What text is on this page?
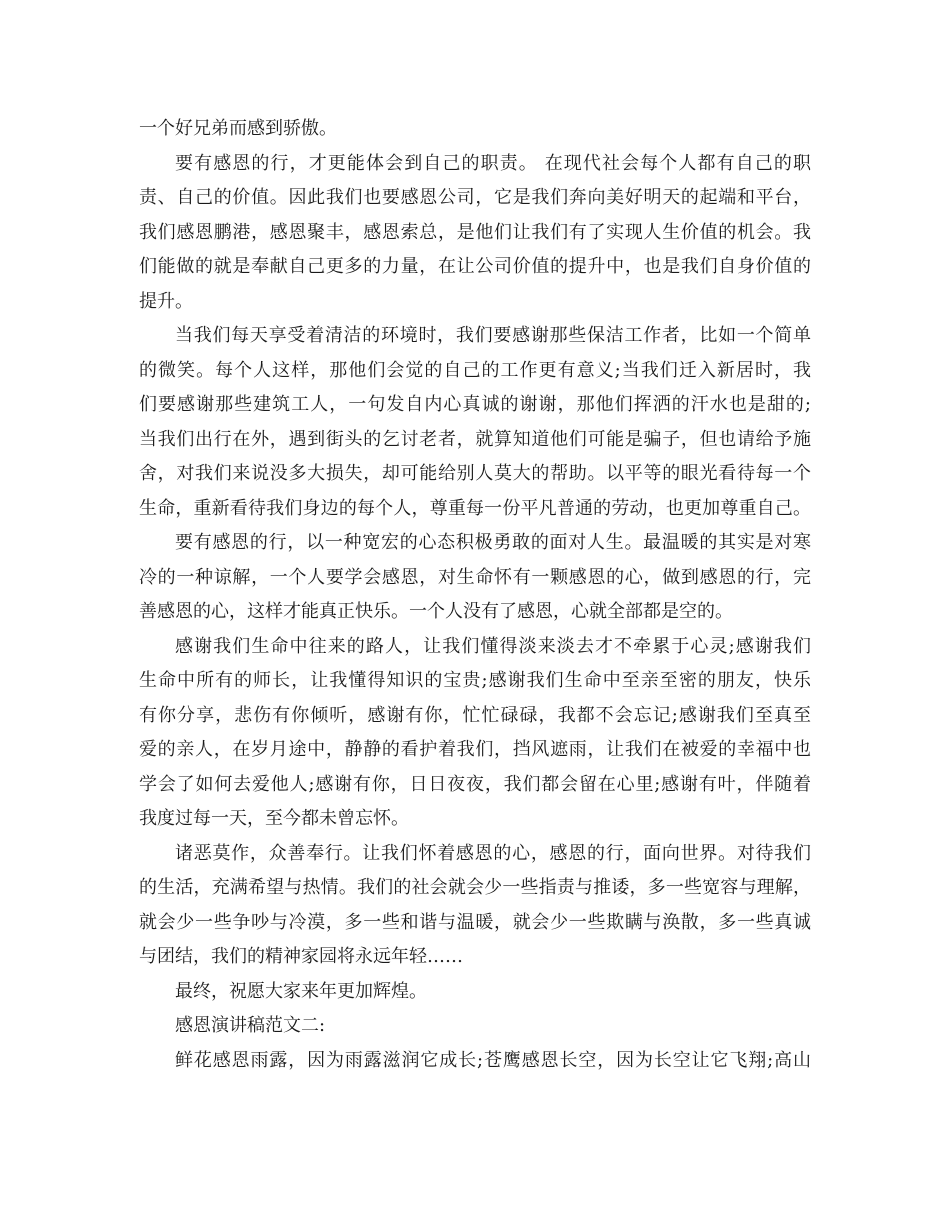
一个好兄弟而感到骄傲。
要有感恩的行，才更能体会到自己的职责。 在现代社会每个人都有自己的职
责、自己的价值。因此我们也要感恩公司，它是我们奔向美好明天的起端和平台，
我们感恩鹏港，感恩聚丰，感恩索总，是他们让我们有了实现人生价值的机会。我
们能做的就是奉献自己更多的力量，在让公司价值的提升中，也是我们自身价值的
提升。
当我们每天享受着清洁的环境时，我们要感谢那些保洁工作者，比如一个简单
的微笑。每个人这样，那他们会觉的自己的工作更有意义;当我们迁入新居时，我
们要感谢那些建筑工人，一句发自内心真诚的谢谢，那他们挥洒的汗水也是甜的;
当我们出行在外，遇到街头的乞讨老者，就算知道他们可能是骗子，但也请给予施
舍，对我们来说没多大损失，却可能给别人莫大的帮助。以平等的眼光看待每一个
生命，重新看待我们身边的每个人，尊重每一份平凡普通的劳动，也更加尊重自己。
要有感恩的行，以一种宽宏的心态积极勇敢的面对人生。最温暖的其实是对寒
冷的一种谅解，一个人要学会感恩，对生命怀有一颗感恩的心，做到感恩的行，完
善感恩的心，这样才能真正快乐。一个人没有了感恩，心就全部都是空的。
感谢我们生命中往来的路人，让我们懂得淡来淡去才不牵累于心灵;感谢我们
生命中所有的师长，让我懂得知识的宝贵;感谢我们生命中至亲至密的朋友，快乐
有你分享，悲伤有你倾听，感谢有你，忙忙碌碌，我都不会忘记;感谢我们至真至
爱的亲人，在岁月途中，静静的看护着我们，挡风遮雨，让我们在被爱的幸福中也
学会了如何去爱他人;感谢有你，日日夜夜，我们都会留在心里;感谢有叶，伴随着
我度过每一天，至今都未曾忘怀。
诸恶莫作，众善奉行。让我们怀着感恩的心，感恩的行，面向世界。对待我们
的生活，充满希望与热情。我们的社会就会少一些指责与推诿，多一些宽容与理解，
就会少一些争吵与冷漠，多一些和谐与温暖，就会少一些欺瞒与涣散，多一些真诚
与团结，我们的精神家园将永远年轻……
最终，祝愿大家来年更加辉煌。
感恩演讲稿范文二:
鲜花感恩雨露，因为雨露滋润它成长;苍鹰感恩长空，因为长空让它飞翔;高山
